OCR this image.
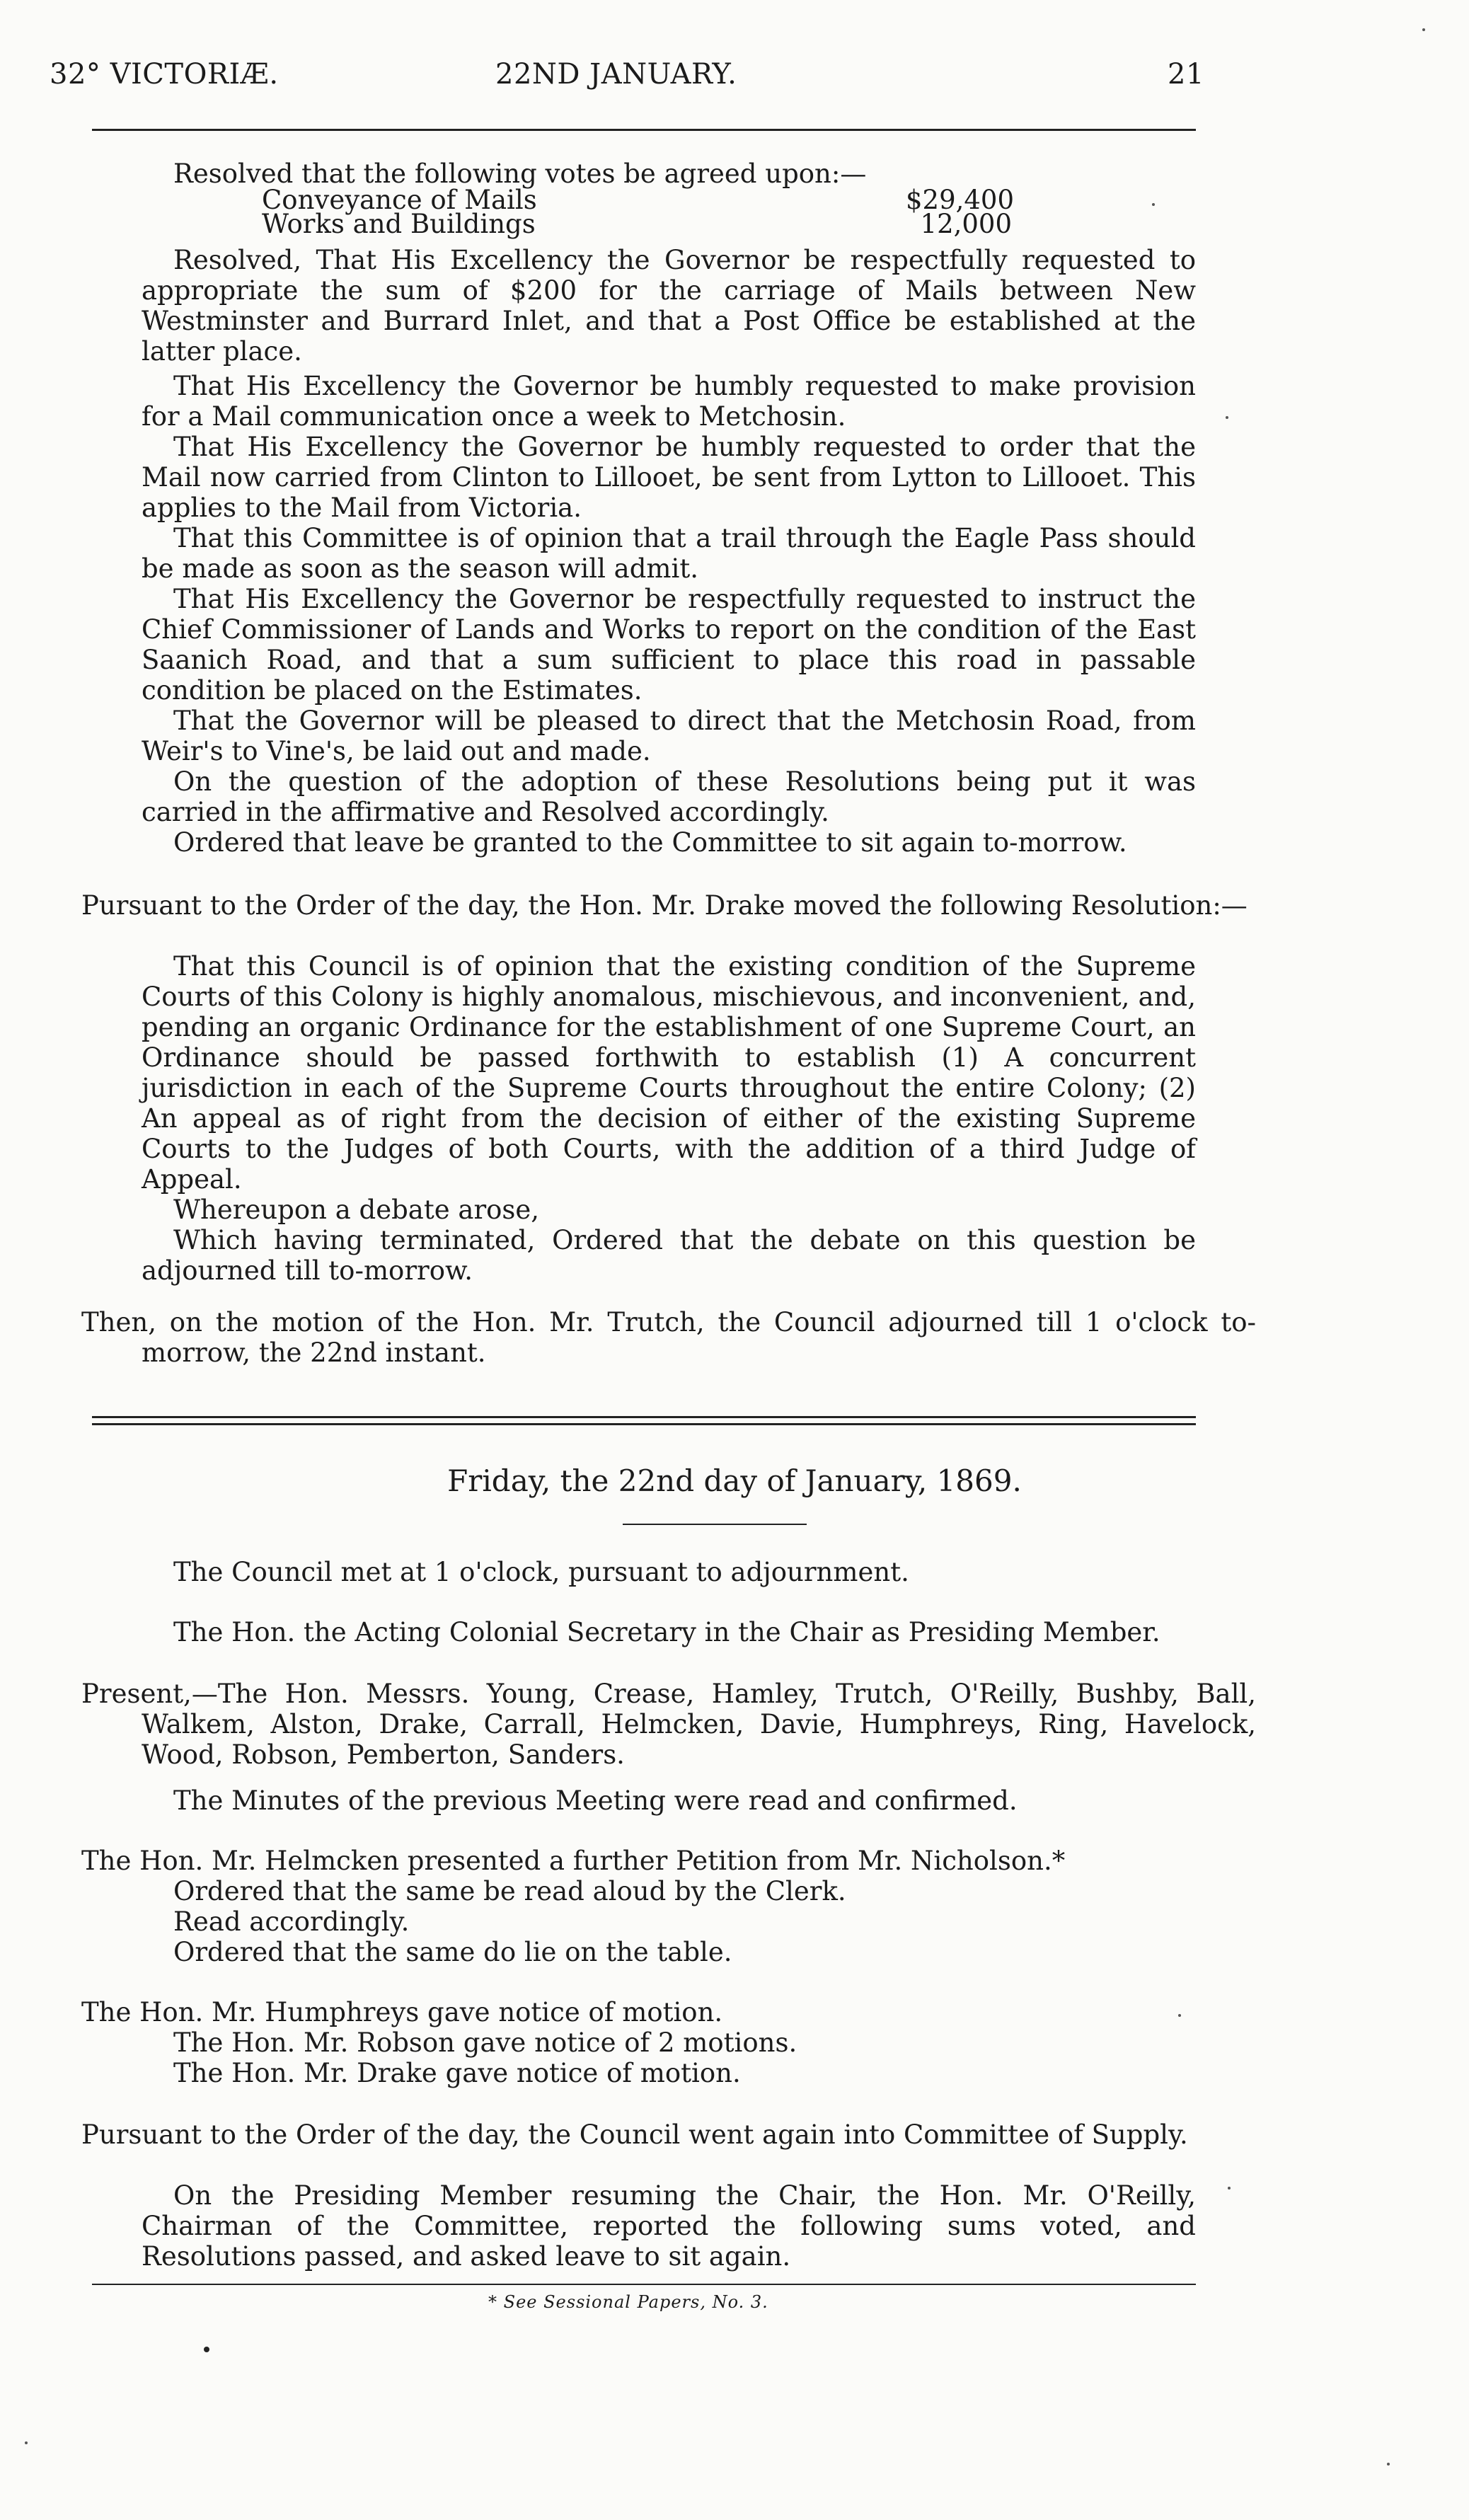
32° VICTORIÆ.	22ND JANUARY.	21
Resolved that the following votes be agreed upon:—
Conveyance of Mails	$29,400
Works and Buildings	12,000
Resolved, That His Excellency the Governor be respectfully requested to appropriate the sum of $200 for the carriage of Mails between New Westminster and Burrard Inlet, and that a Post Office be established at the latter place.
That His Excellency the Governor be humbly requested to make provision for a Mail communication once a week to Metchosin.
That His Excellency the Governor be humbly requested to order that the Mail now carried from Clinton to Lillooet, be sent from Lytton to Lillooet. This applies to the Mail from Victoria.
That this Committee is of opinion that a trail through the Eagle Pass should be made as soon as the season will admit.
That His Excellency the Governor be respectfully requested to instruct the Chief Commissioner of Lands and Works to report on the condition of the East Saanich Road, and that a sum sufficient to place this road in passable condition be placed on the Estimates.
That the Governor will be pleased to direct that the Metchosin Road, from Weir's to Vine's, be laid out and made.
On the question of the adoption of these Resolutions being put it was carried in the affirmative and Resolved accordingly.
Ordered that leave be granted to the Committee to sit again to-morrow.
Pursuant to the Order of the day, the Hon. Mr. Drake moved the following Resolution:—
That this Council is of opinion that the existing condition of the Supreme Courts of this Colony is highly anomalous, mischievous, and inconvenient, and, pending an organic Ordinance for the establishment of one Supreme Court, an Ordinance should be passed forthwith to establish (1) A concurrent jurisdiction in each of the Supreme Courts throughout the entire Colony; (2) An appeal as of right from the decision of either of the existing Supreme Courts to the Judges of both Courts, with the addition of a third Judge of Appeal.
Whereupon a debate arose,
Which having terminated, Ordered that the debate on this question be adjourned till to-morrow.
Then, on the motion of the Hon. Mr. Trutch, the Council adjourned till 1 o'clock to-morrow, the 22nd instant.
Friday, the 22nd day of January, 1869.
The Council met at 1 o'clock, pursuant to adjournment.
The Hon. the Acting Colonial Secretary in the Chair as Presiding Member.
Present,—The Hon. Messrs. Young, Crease, Hamley, Trutch, O'Reilly, Bushby, Ball, Walkem, Alston, Drake, Carrall, Helmcken, Davie, Humphreys, Ring, Havelock, Wood, Robson, Pemberton, Sanders.
The Minutes of the previous Meeting were read and confirmed.
The Hon. Mr. Helmcken presented a further Petition from Mr. Nicholson.*
Ordered that the same be read aloud by the Clerk.
Read accordingly.
Ordered that the same do lie on the table.
The Hon. Mr. Humphreys gave notice of motion.
The Hon. Mr. Robson gave notice of 2 motions.
The Hon. Mr. Drake gave notice of motion.
Pursuant to the Order of the day, the Council went again into Committee of Supply.
On the Presiding Member resuming the Chair, the Hon. Mr. O'Reilly, Chairman of the Committee, reported the following sums voted, and Resolutions passed, and asked leave to sit again.
* See Sessional Papers, No. 3.
